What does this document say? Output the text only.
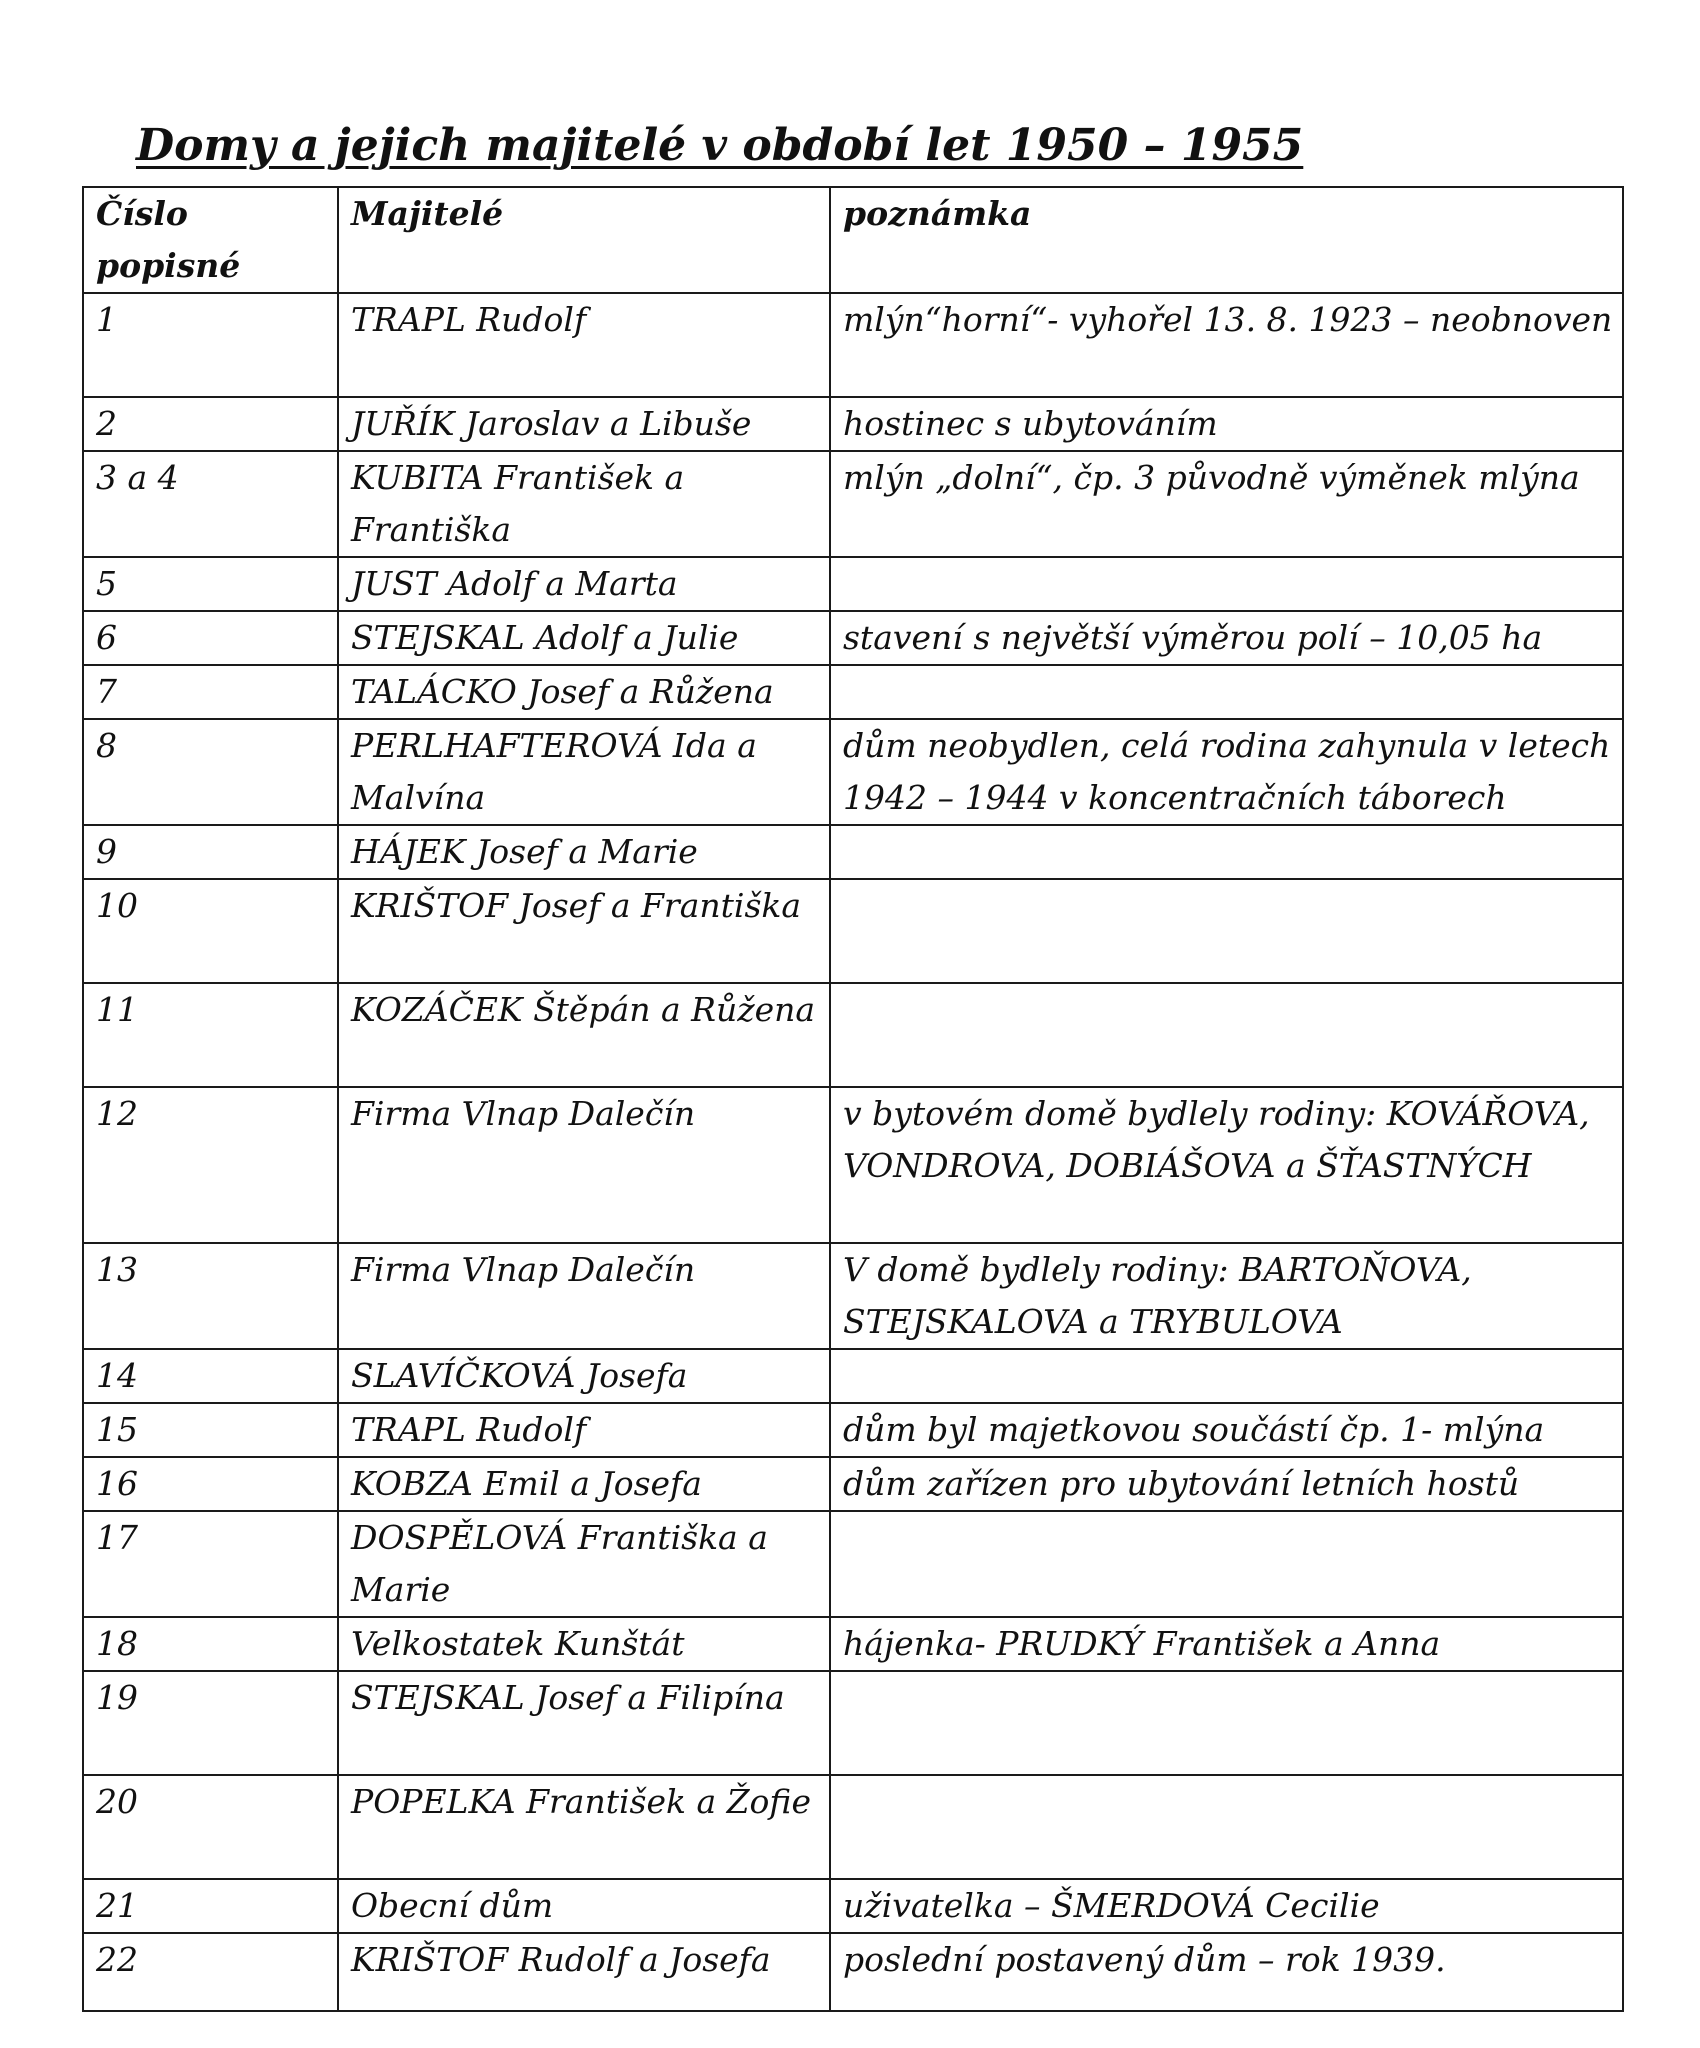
Domy a jejich majitelé v období let 1950 – 1955
Číslo popisné	Majitelé	poznámka
1	TRAPL Rudolf	mlýn“horní“- vyhořel 13. 8. 1923 – neobnoven
2	JUŘÍK Jaroslav a Libuše	hostinec s ubytováním
3 a 4	KUBITA František a Františka	mlýn „dolní“, čp. 3 původně výměnek mlýna
5	JUST Adolf a Marta	
6	STEJSKAL Adolf a Julie	stavení s největší výměrou polí – 10,05 ha
7	TALÁCKO Josef a Růžena	
8	PERLHAFTEROVÁ Ida a Malvína	dům neobydlen, celá rodina zahynula v letech 1942 – 1944 v koncentračních táborech
9	HÁJEK Josef a Marie	
10	KRIŠTOF Josef a Františka	
11	KOZÁČEK Štěpán a Růžena	
12	Firma Vlnap Dalečín	v bytovém domě bydlely rodiny: KOVÁŘOVA, VONDROVA, DOBIÁŠOVA a ŠŤASTNÝCH
13	Firma Vlnap Dalečín	V domě bydlely rodiny: BARTOŇOVA, STEJSKALOVA a TRYBULOVA
14	SLAVÍČKOVÁ Josefa	
15	TRAPL Rudolf	dům byl majetkovou součástí čp. 1- mlýna
16	KOBZA Emil a Josefa	dům zařízen pro ubytování letních hostů
17	DOSPĚLOVÁ Františka a Marie	
18	Velkostatek Kunštát	hájenka- PRUDKÝ František a Anna
19	STEJSKAL Josef a Filipína	
20	POPELKA František a Žofie	
21	Obecní dům	uživatelka – ŠMERDOVÁ Cecilie
22	KRIŠTOF Rudolf a Josefa	poslední postavený dům – rok 1939.
